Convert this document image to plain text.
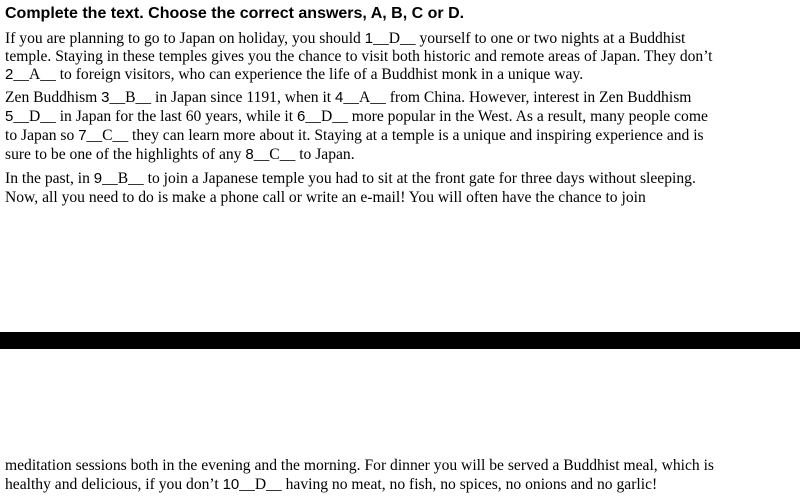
Complete the text. Choose the correct answers, A, B, C or D.

If you are planning to go to Japan on holiday, you should 1__D__ yourself to one or two nights at a Buddhist

temple. Staying in these temples gives you the chance to visit both historic and remote areas of Japan. They don’t

2__A__ to foreign visitors, who can experience the life of a Buddhist monk in a unique way.

Zen Buddhism 3__B__ in Japan since 1191, when it 4__A__ from China. However, interest in Zen Buddhism

5__D__ in Japan for the last 60 years, while it 6__D__ more popular in the West. As a result, many people come

to Japan so 7__C__ they can learn more about it. Staying at a temple is a unique and inspiring experience and is

sure to be one of the highlights of any 8__C__ to Japan.

In the past, in 9__B__ to join a Japanese temple you had to sit at the front gate for three days without sleeping.

Now, all you need to do is make a phone call or write an e-mail! You will often have the chance to join

meditation sessions both in the evening and the morning. For dinner you will be served a Buddhist meal, which is

healthy and delicious, if you don’t 10__D__ having no meat, no fish, no spices, no onions and no garlic!
